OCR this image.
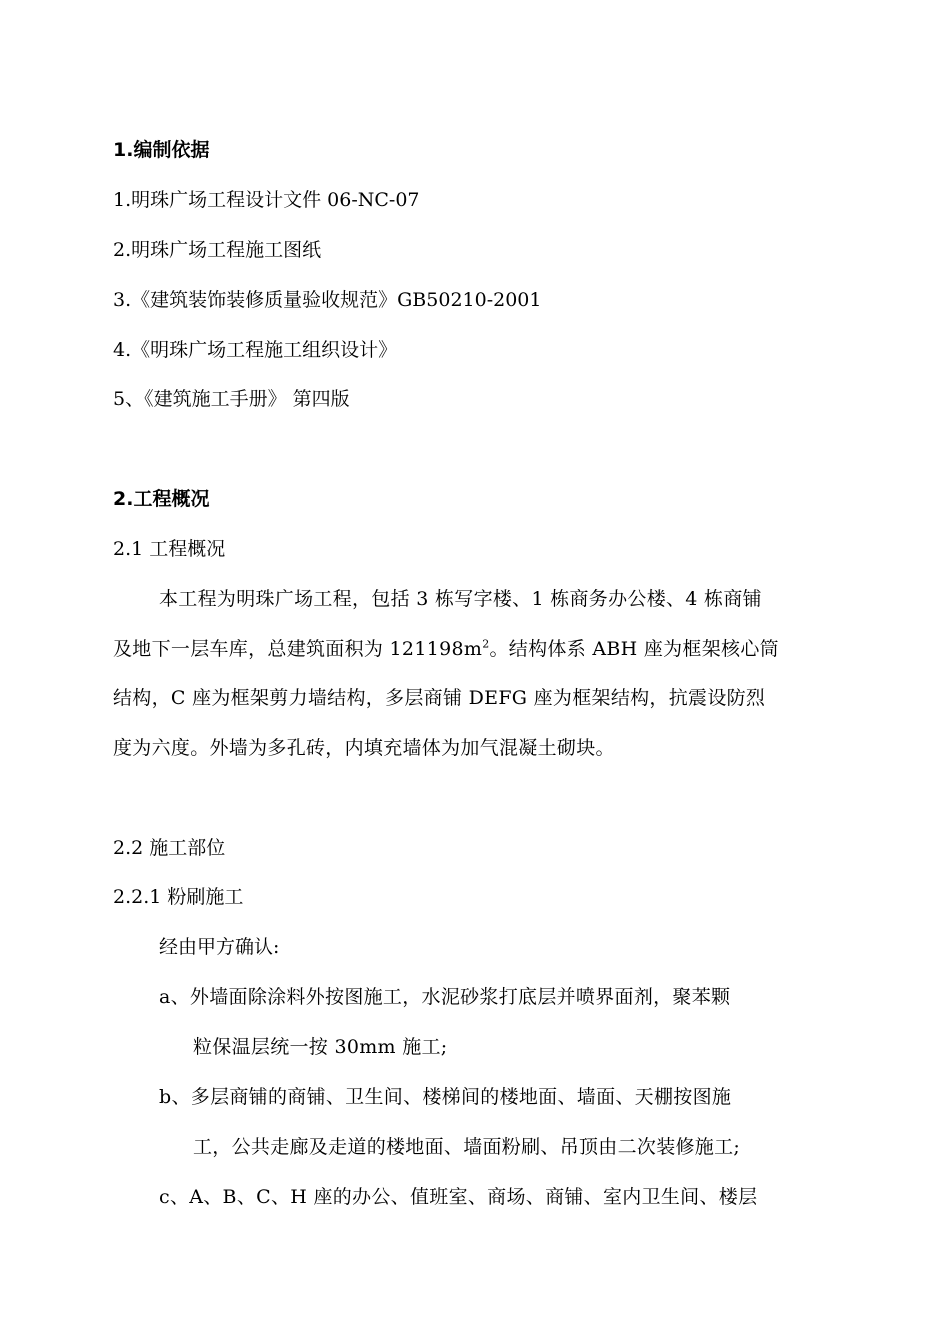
1.编制依据
1.明珠广场工程设计文件 06-NC-07
2.明珠广场工程施工图纸
3.《建筑装饰装修质量验收规范》GB50210-2001
4.《明珠广场工程施工组织设计》
5、《建筑施工手册》 第四版
2.工程概况
2.1 工程概况
本工程为明珠广场工程，包括 3 栋写字楼、1 栋商务办公楼、4 栋商铺
及地下一层车库，总建筑面积为 $121198m^2$。结构体系 ABH 座为框架核心筒
结构，C 座为框架剪力墙结构，多层商铺 DEFG 座为框架结构，抗震设防烈
度为六度。外墙为多孔砖，内填充墙体为加气混凝土砌块。
2.2 施工部位
2.2.1 粉刷施工
经由甲方确认:
a、外墙面除涂料外按图施工，水泥砂浆打底层并喷界面剂，聚苯颗
粒保温层统一按 30mm 施工;
b、多层商铺的商铺、卫生间、楼梯间的楼地面、墙面、天棚按图施
工，公共走廊及走道的楼地面、墙面粉刷、吊顶由二次装修施工;
c、A、B、C、H 座的办公、值班室、商场、商铺、室内卫生间、楼层
